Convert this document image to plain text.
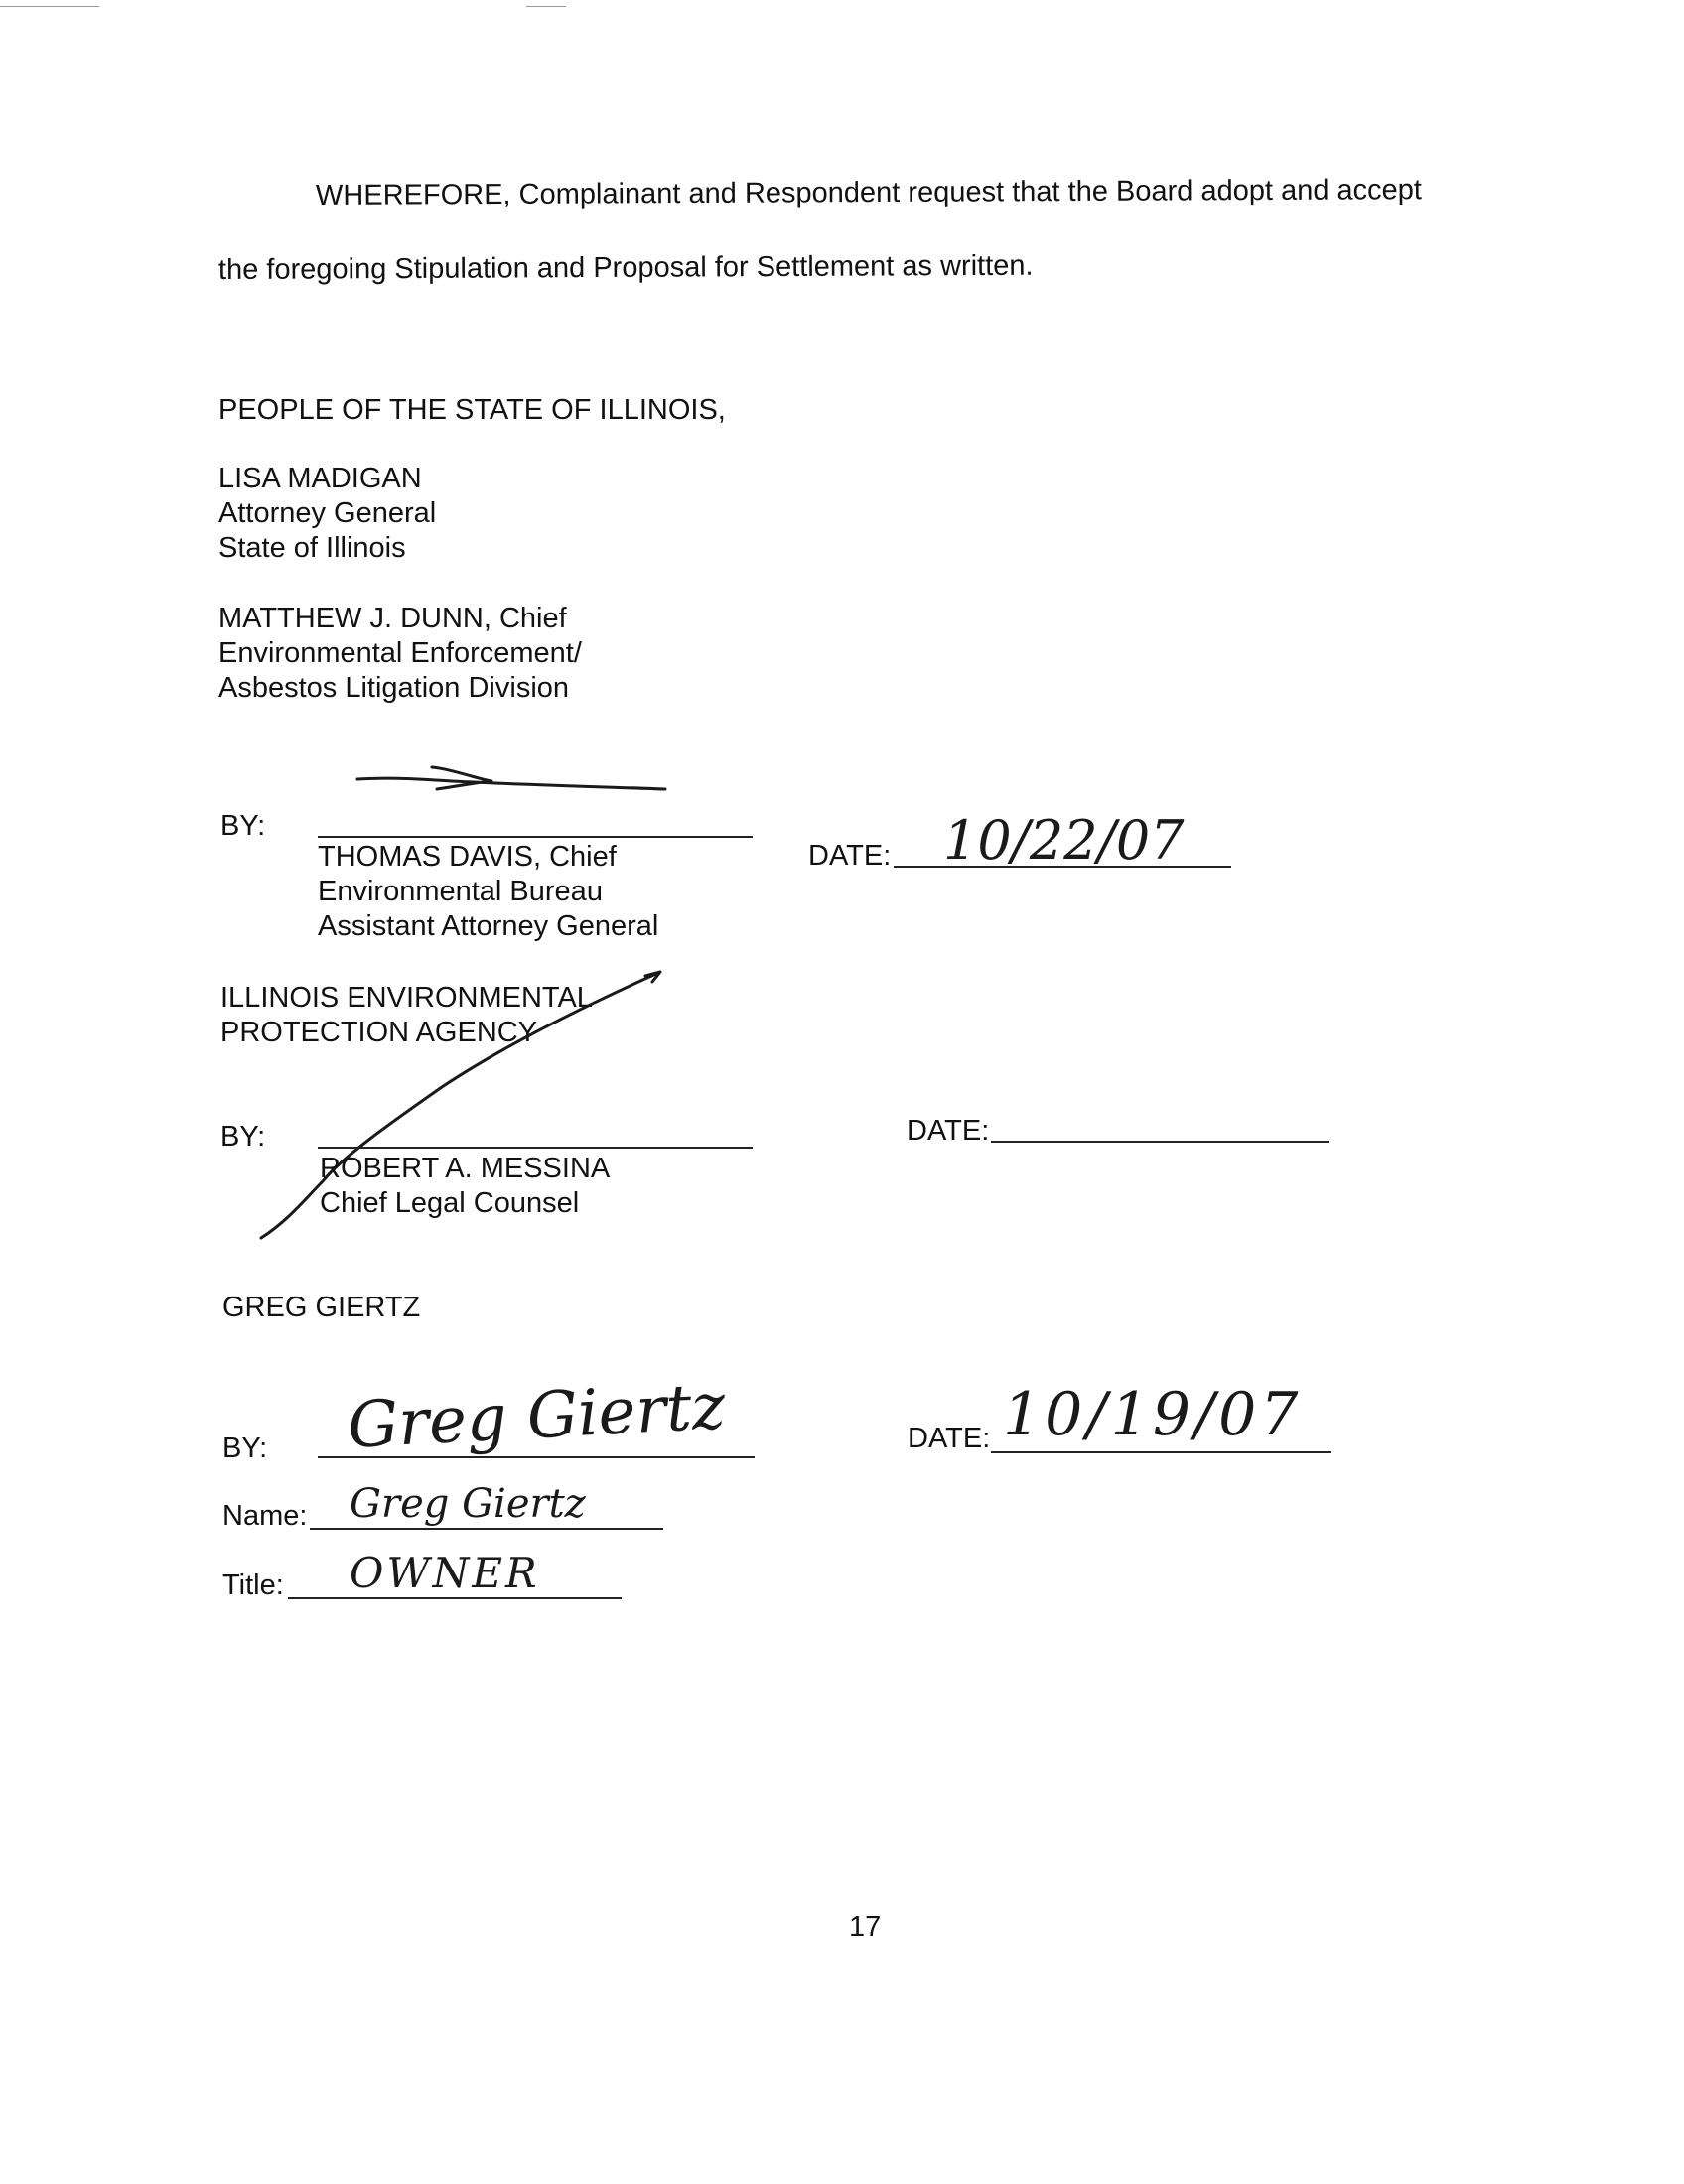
WHEREFORE, Complainant and Respondent request that the Board adopt and accept
the foregoing Stipulation and Proposal for Settlement as written.
PEOPLE OF THE STATE OF ILLINOIS,
LISA MADIGAN
Attorney General
State of Illinois
MATTHEW J. DUNN, Chief
Environmental Enforcement/
Asbestos Litigation Division
BY:
THOMAS DAVIS, Chief
Environmental Bureau
Assistant Attorney General
DATE: 10/22/07
ILLINOIS ENVIRONMENTAL
PROTECTION AGENCY
BY:
ROBERT A. MESSINA
Chief Legal Counsel
DATE:
GREG GIERTZ
BY: Greg Giertz
Name: Greg Giertz
Title: OWNER
DATE: 10/19/07
17
